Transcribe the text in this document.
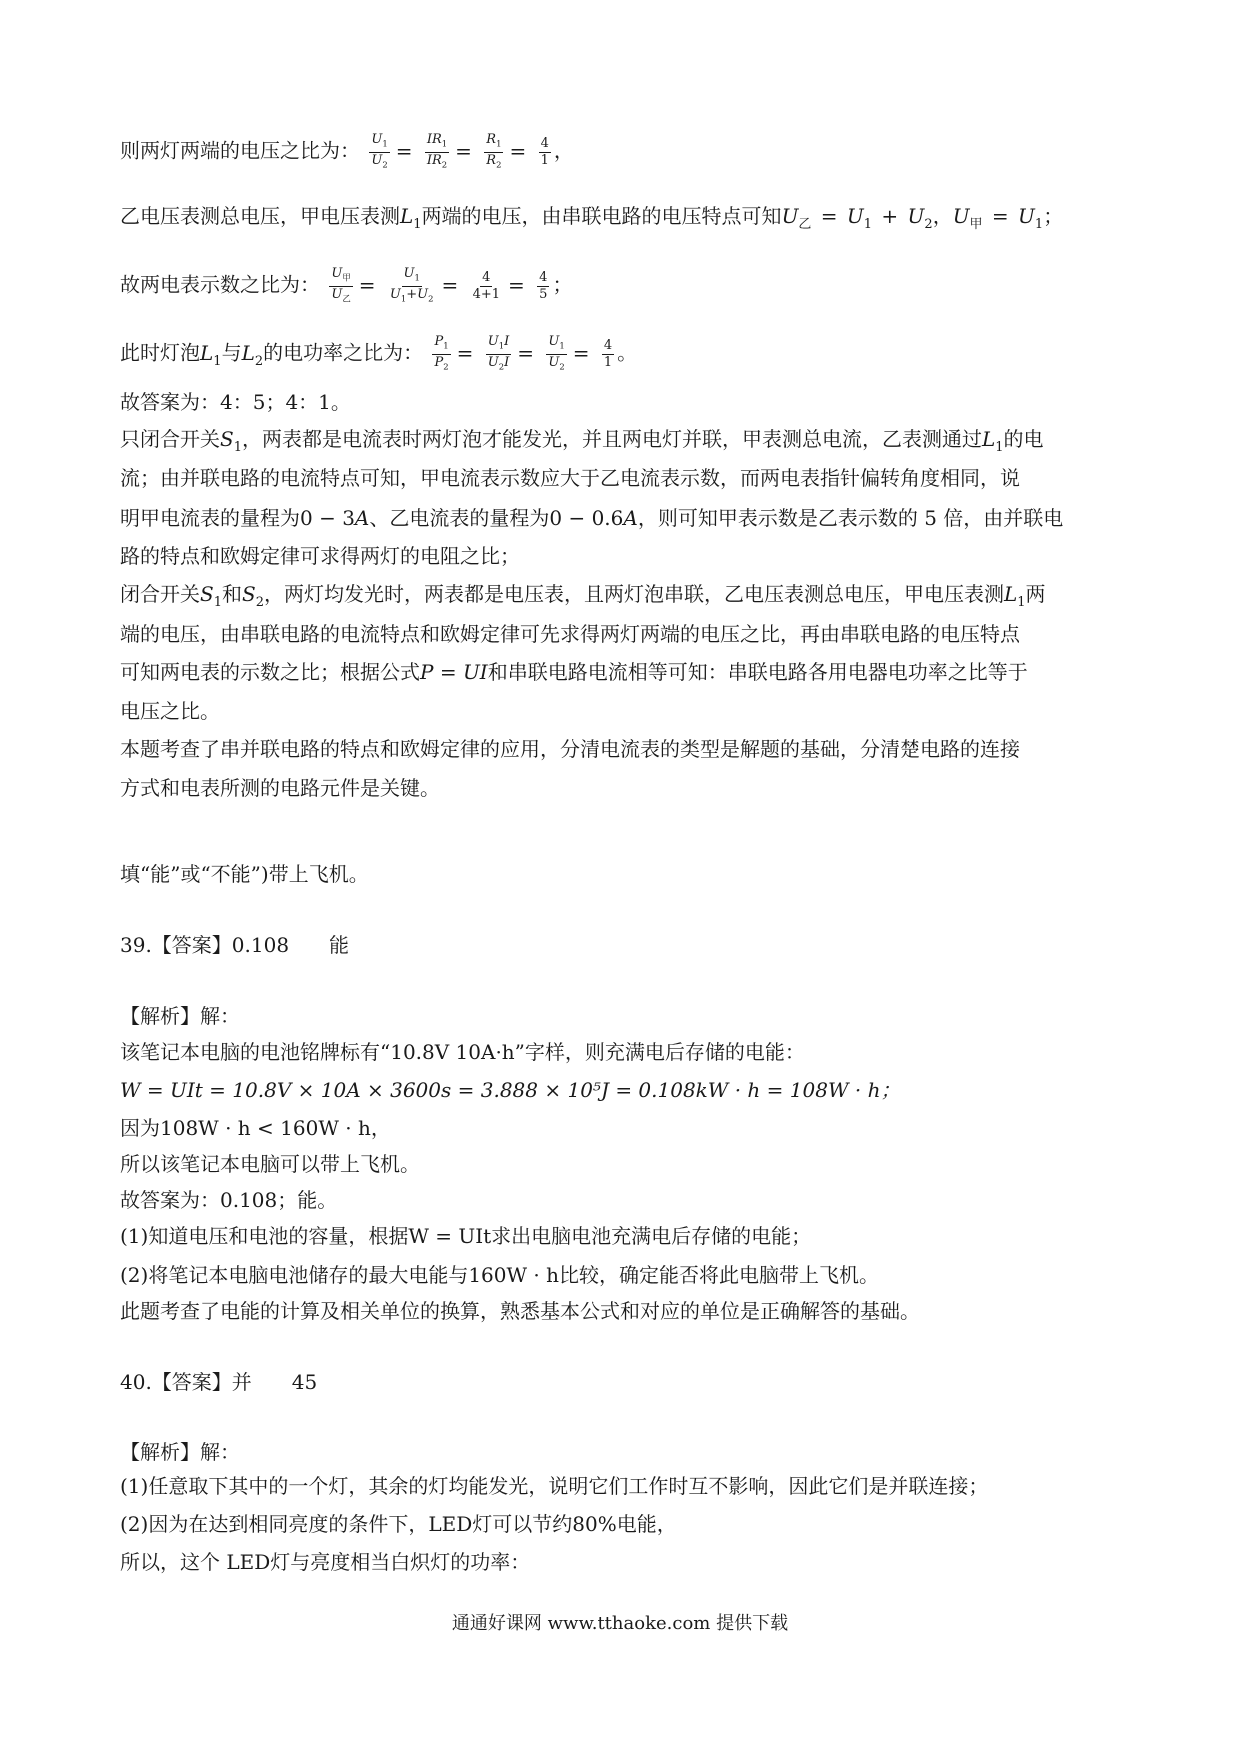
则两灯两端的电压之比为： $\frac{U_1}{U_2} = \frac{IR_1}{IR_2} = \frac{R_1}{R_2} = \frac{4}{1}$ ，
乙电压表测总电压，甲电压表测$L_1$两端的电压，由串联电路的电压特点可知$U_乙 = U_1 + U_2$，$U_甲 = U_1$；
故两电表示数之比为： $\frac{U_甲}{U_乙} = \frac{U_1}{U_1+U_2} = \frac{4}{4+1} = \frac{4}{5}$ ；
此时灯泡$L_1$与$L_2$的电功率之比为： $\frac{P_1}{P_2} = \frac{U_1I}{U_2I} = \frac{U_1}{U_2} = \frac{4}{1}$ 。
故答案为：4：5；4：1。
只闭合开关$S_1$，两表都是电流表时两灯泡才能发光，并且两电灯并联，甲表测总电流，乙表测通过$L_1$的电
流；由并联电路的电流特点可知，甲电流表示数应大于乙电流表示数，而两电表指针偏转角度相同，说
明甲电流表的量程为0 − 3A、乙电流表的量程为0 − 0.6A，则可知甲表示数是乙表示数的 5 倍，由并联电
路的特点和欧姆定律可求得两灯的电阻之比；
闭合开关$S_1$和$S_2$，两灯均发光时，两表都是电压表，且两灯泡串联，乙电压表测总电压，甲电压表测$L_1$两
端的电压，由串联电路的电流特点和欧姆定律可先求得两灯两端的电压之比，再由串联电路的电压特点
可知两电表的示数之比；根据公式P = UI和串联电路电流相等可知：串联电路各用电器电功率之比等于
电压之比。
本题考查了串并联电路的特点和欧姆定律的应用，分清电流表的类型是解题的基础，分清楚电路的连接
方式和电表所测的电路元件是关键。
填“能”或“不能”)带上飞机。
39.【答案】0.108　　能
【解析】解：
该笔记本电脑的电池铭牌标有“10.8V 10A·h”字样，则充满电后存储的电能：
W = UIt = 10.8V × 10A × 3600s = 3.888 × 10⁵J = 0.108kW · h = 108W · h；
因为108W · h < 160W · h，
所以该笔记本电脑可以带上飞机。
故答案为：0.108；能。
(1)知道电压和电池的容量，根据W = UIt求出电脑电池充满电后存储的电能；
(2)将笔记本电脑电池储存的最大电能与160W · h比较，确定能否将此电脑带上飞机。
此题考查了电能的计算及相关单位的换算，熟悉基本公式和对应的单位是正确解答的基础。
40.【答案】并　　45
【解析】解：
(1)任意取下其中的一个灯，其余的灯均能发光，说明它们工作时互不影响，因此它们是并联连接；
(2)因为在达到相同亮度的条件下，LED灯可以节约80%电能，
所以，这个 LED灯与亮度相当白炽灯的功率：
通通好课网 www.tthaoke.com 提供下载
